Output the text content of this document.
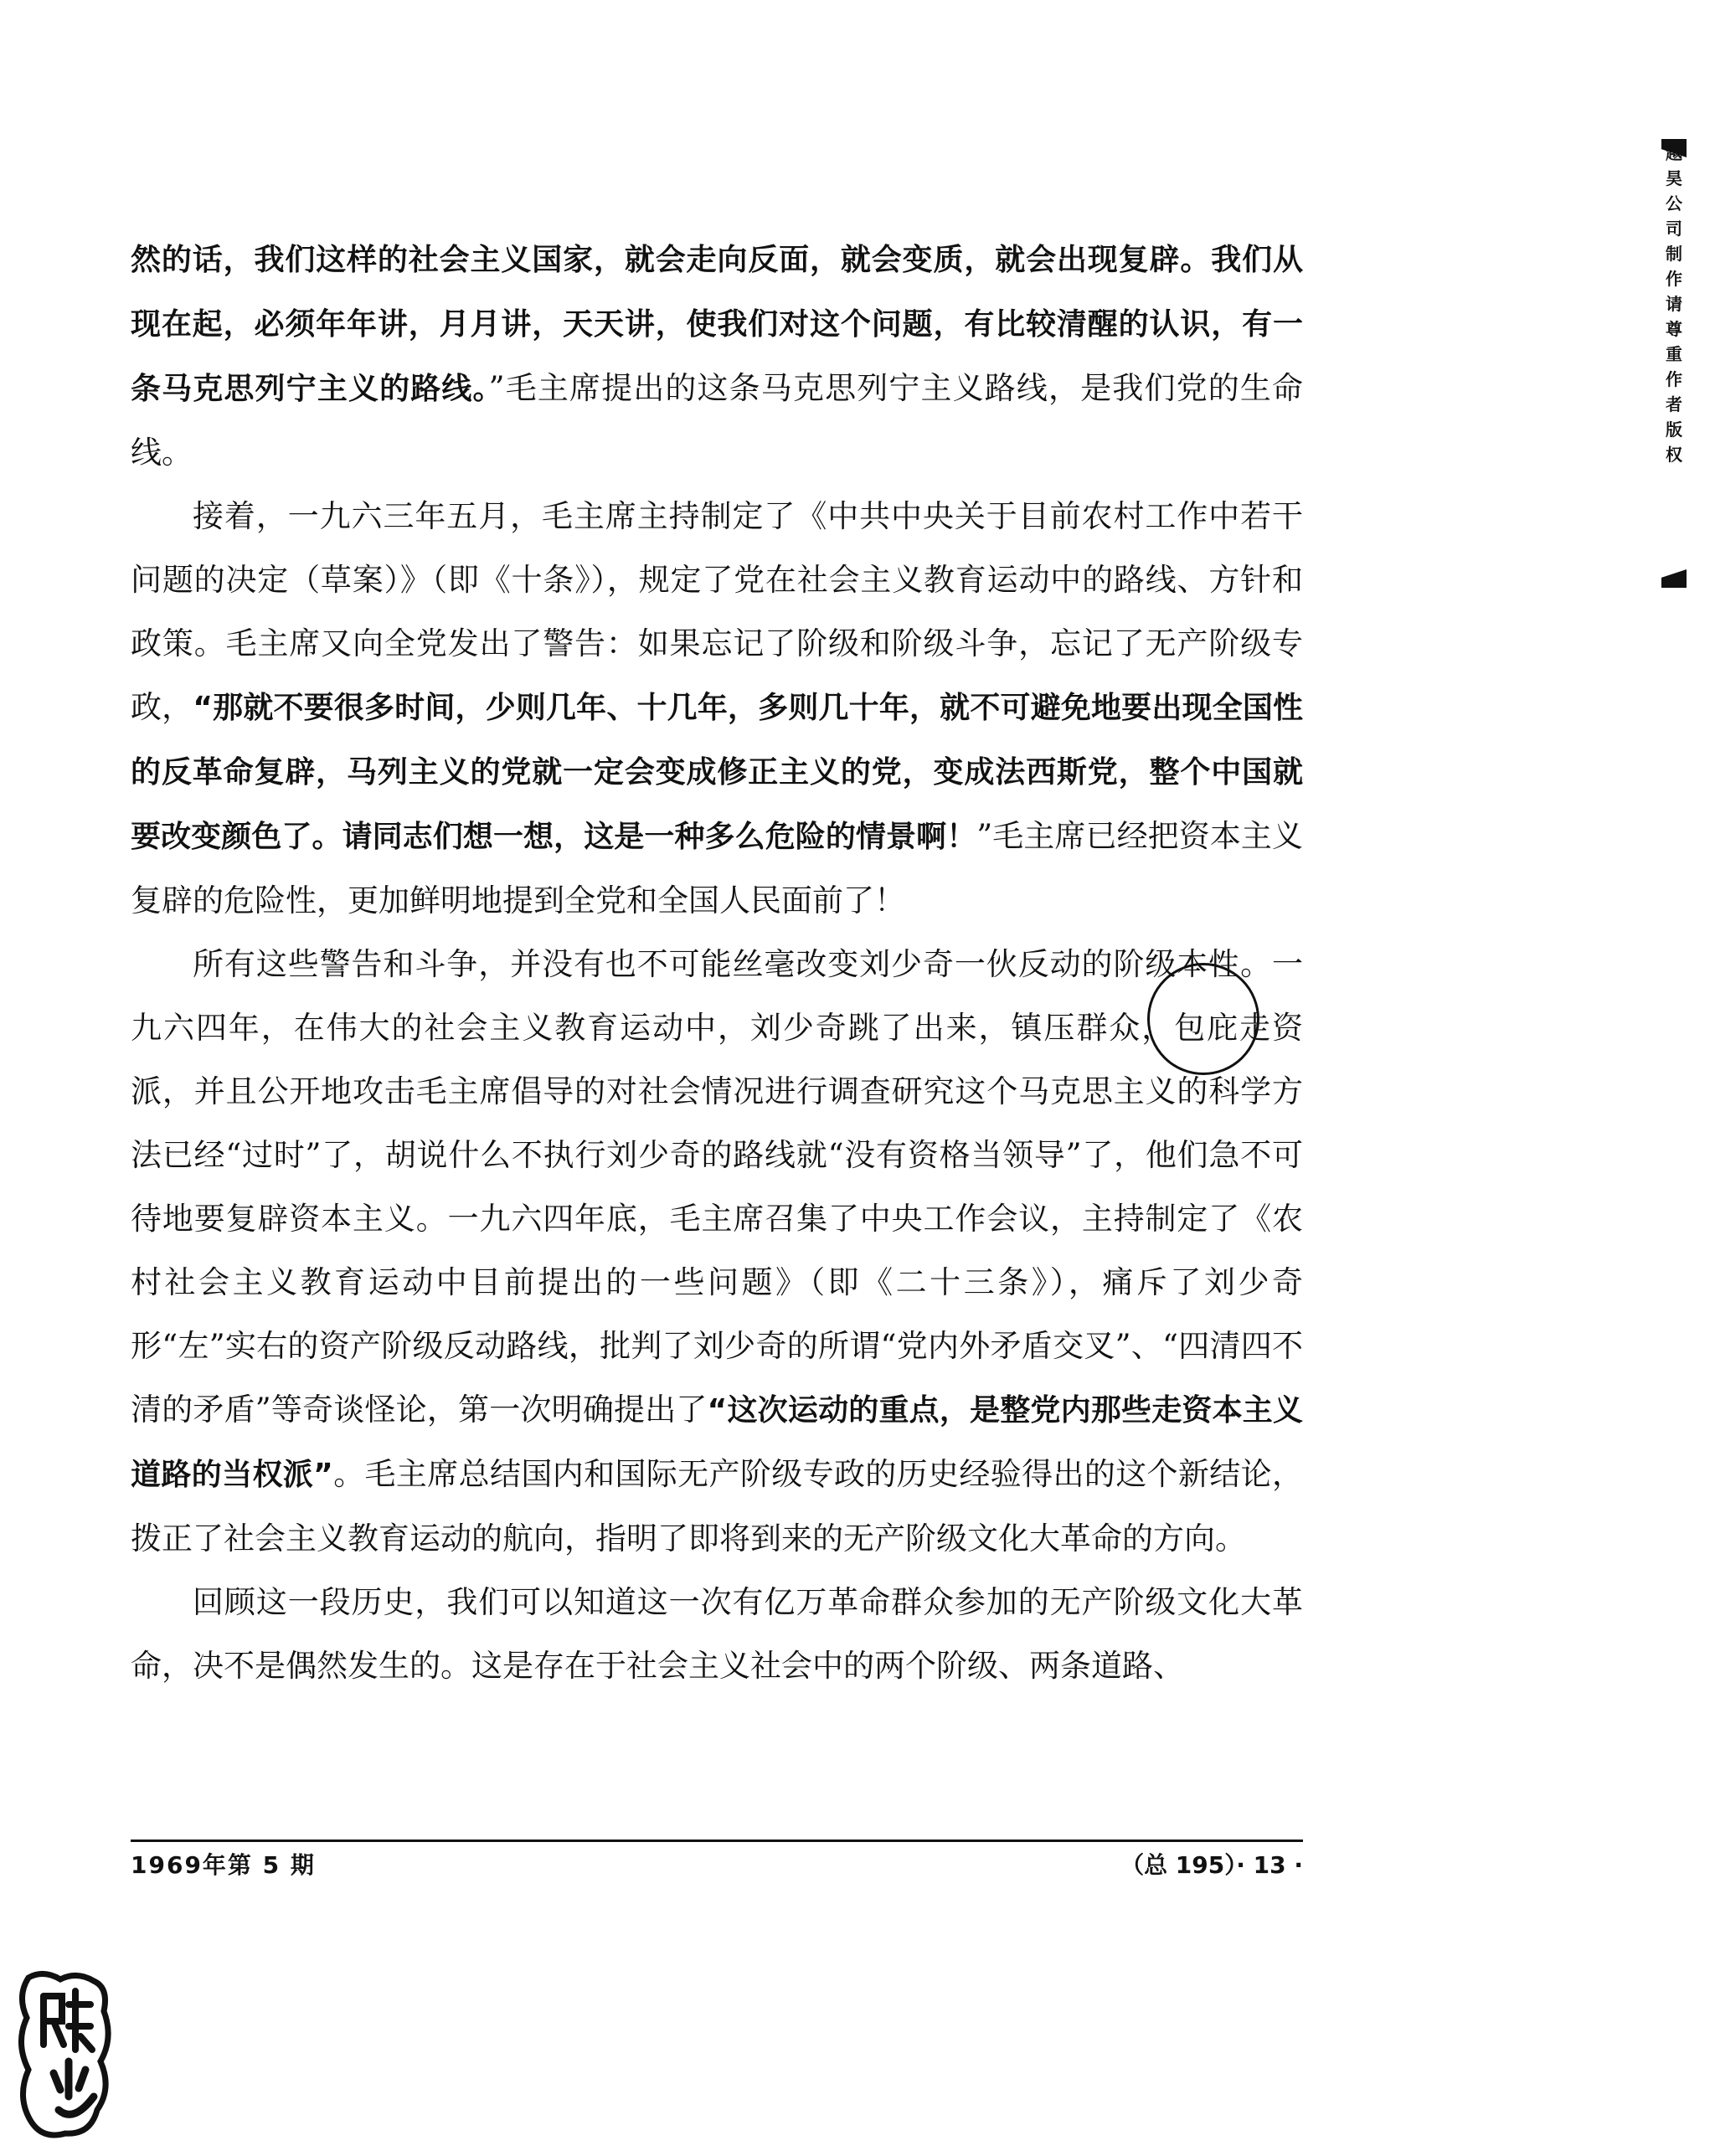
然的话，我们这样的社会主义国家，就会走向反面，就会变质，就会出现复辟。我们从现在起，必须年年讲，月月讲，天天讲，使我们对这个问题，有比较清醒的认识，有一条马克思列宁主义的路线。”毛主席提出的这条马克思列宁主义路线，是我们党的生命线。

接着，一九六三年五月，毛主席主持制定了《中共中央关于目前农村工作中若干问题的决定（草案）》（即《十条》），规定了党在社会主义教育运动中的路线、方针和政策。毛主席又向全党发出了警告：如果忘记了阶级和阶级斗争，忘记了无产阶级专政，“那就不要很多时间，少则几年、十几年，多则几十年，就不可避免地要出现全国性的反革命复辟，马列主义的党就一定会变成修正主义的党，变成法西斯党，整个中国就要改变颜色了。请同志们想一想，这是一种多么危险的情景啊！”毛主席已经把资本主义复辟的危险性，更加鲜明地提到全党和全国人民面前了！

所有这些警告和斗争，并没有也不可能丝毫改变刘少奇一伙反动的阶级本性。一九六四年，在伟大的社会主义教育运动中，刘少奇跳了出来，镇压群众，包庇走资派，并且公开地攻击毛主席倡导的对社会情况进行调查研究这个马克思主义的科学方法已经“过时”了，胡说什么不执行刘少奇的路线就“没有资格当领导”了，他们急不可待地要复辟资本主义。一九六四年底，毛主席召集了中央工作会议，主持制定了《农村社会主义教育运动中目前提出的一些问题》（即《二十三条》），痛斥了刘少奇形“左”实右的资产阶级反动路线，批判了刘少奇的所谓“党内外矛盾交叉”、“四清四不清的矛盾”等奇谈怪论，第一次明确提出了“这次运动的重点，是整党内那些走资本主义道路的当权派”。毛主席总结国内和国际无产阶级专政的历史经验得出的这个新结论，拨正了社会主义教育运动的航向，指明了即将到来的无产阶级文化大革命的方向。

回顾这一段历史，我们可以知道这一次有亿万革命群众参加的无产阶级文化大革命，决不是偶然发生的。这是存在于社会主义社会中的两个阶级、两条道路、

1969年第 5 期	（总 195）· 13 ·
越昊公司制作请尊重作者版权
